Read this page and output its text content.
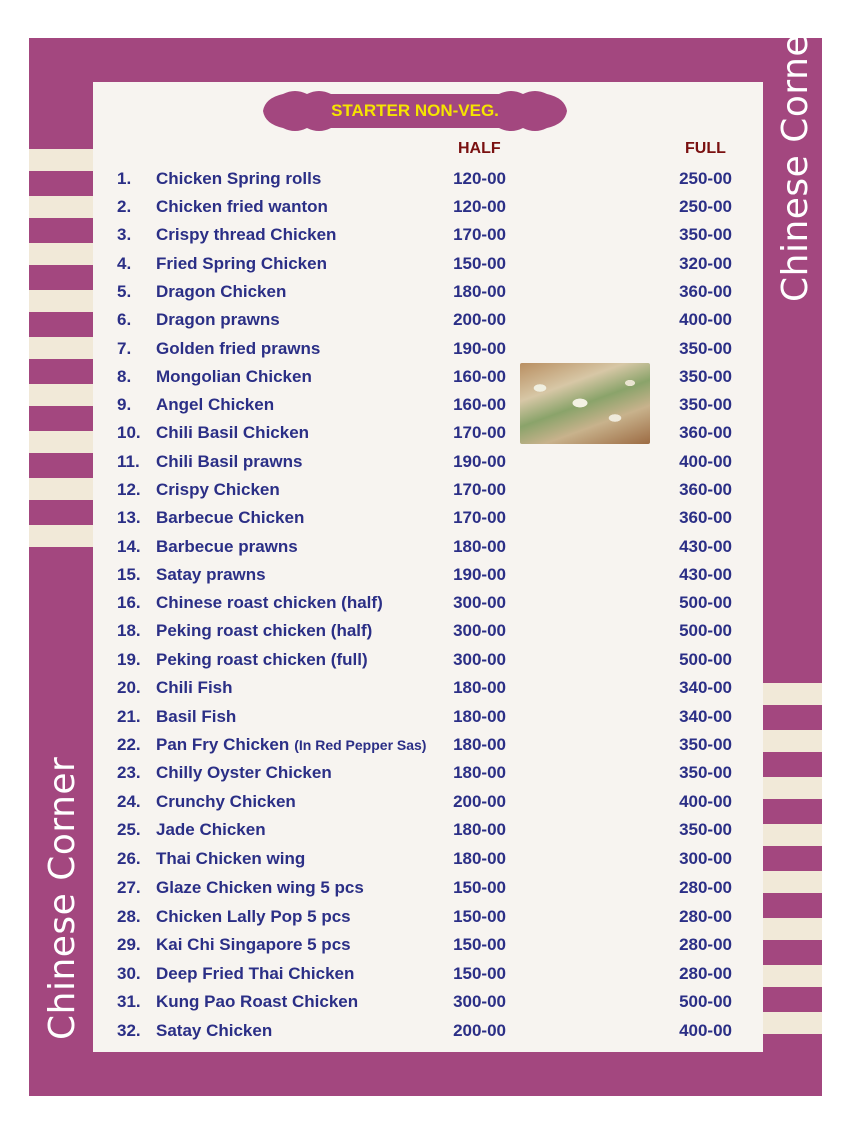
Chinese Corner
Chinese Corner
STARTER NON-VEG.
HALF	FULL
1. Chicken Spring rolls	120-00	250-00
2. Chicken fried wanton	120-00	250-00
3. Crispy thread Chicken	170-00	350-00
4. Fried Spring Chicken	150-00	320-00
5. Dragon Chicken	180-00	360-00
6. Dragon prawns	200-00	400-00
7. Golden fried prawns	190-00	350-00
8. Mongolian Chicken	160-00	350-00
9. Angel Chicken	160-00	350-00
10. Chili Basil Chicken	170-00	360-00
11. Chili Basil prawns	190-00	400-00
12. Crispy Chicken	170-00	360-00
13. Barbecue Chicken	170-00	360-00
14. Barbecue prawns	180-00	430-00
15. Satay prawns	190-00	430-00
16. Chinese roast chicken (half)	300-00	500-00
18. Peking roast chicken (half)	300-00	500-00
19. Peking roast chicken (full)	300-00	500-00
20. Chili Fish	180-00	340-00
21. Basil Fish	180-00	340-00
22. Pan Fry Chicken (In Red Pepper Sas)	180-00	350-00
23. Chilly Oyster Chicken	180-00	350-00
24. Crunchy Chicken	200-00	400-00
25. Jade Chicken	180-00	350-00
26. Thai Chicken wing	180-00	300-00
27. Glaze Chicken wing 5 pcs	150-00	280-00
28. Chicken Lally Pop 5 pcs	150-00	280-00
29. Kai Chi Singapore 5 pcs	150-00	280-00
30. Deep Fried Thai Chicken	150-00	280-00
31. Kung Pao Roast Chicken	300-00	500-00
32. Satay Chicken	200-00	400-00
